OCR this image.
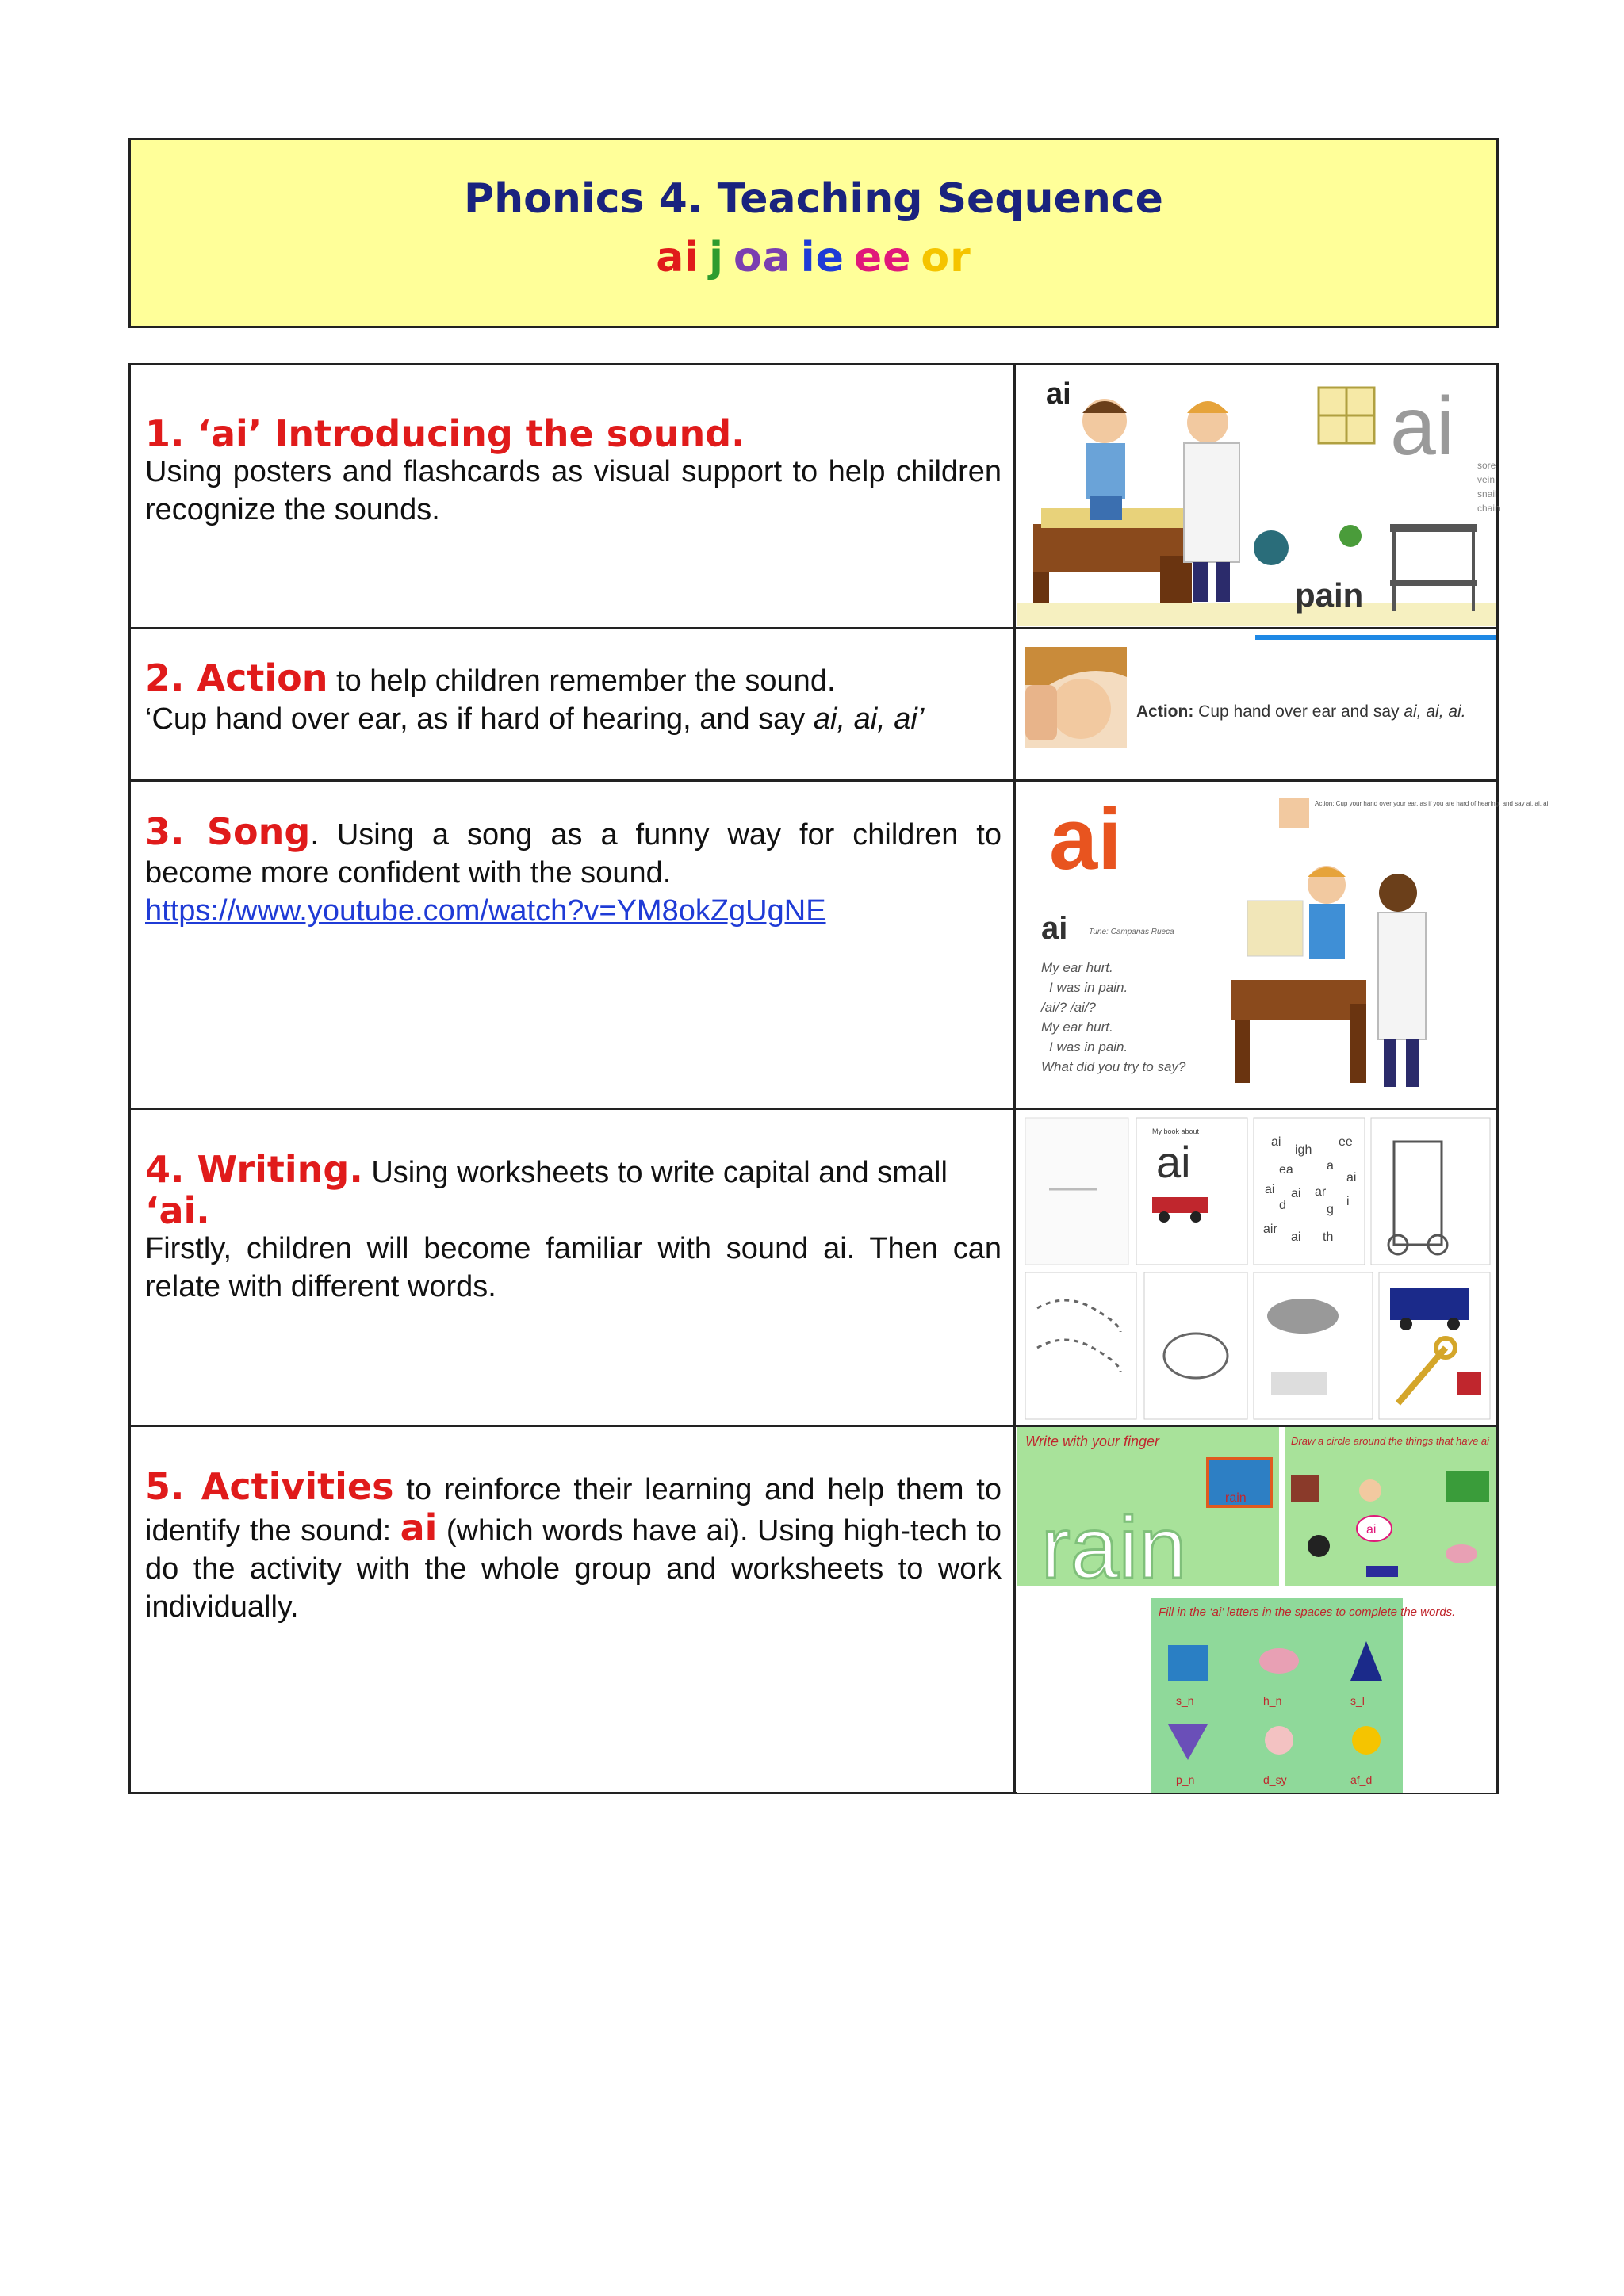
Phonics 4. Teaching Sequence
ai j oa ie ee or
1. ‘ai’ Introducing the sound.
Using posters and flashcards as visual support to help children recognize the sounds.
ai	ai sore
vein
snail
chain
pain
2. Action to help children remember the sound.
‘Cup hand over ear, as if hard of hearing, and say ai, ai, ai’	Action: Cup hand over ear and say ai, ai, ai.
3. Song. Using a song as a funny way for children to become more confident with the sound.
https://www.youtube.com/watch?v=YM8okZgUgNE
ai
ai	Tune: Campanas Rueca
Action: Cup your hand over your ear, as if you are hard of hearing, and say ai, ai, ai!
My ear hurt.
I was in pain.
/ai/? /ai/?
My ear hurt.
I was in pain.
What did you try to say?
4. Writing. Using worksheets to write capital and small
‘ai.
Firstly, children will become familiar with sound ai. Then can relate with different words.
My book about
ai	ai
igh
ee
ea	a
ai
ai ai ar
d	g
i
air
ai th
5. Activities to reinforce their learning and help them to identify the sound: ai (which words have ai). Using high-tech to do the activity with the whole group and worksheets to work individually.
Write with your finger
rain
rain
Draw a circle around the things that have ai
ai
Fill in the ‘ai’ letters in the spaces to complete the words.
s_n	h_n	s_l
p_n	d_sy	af_d
